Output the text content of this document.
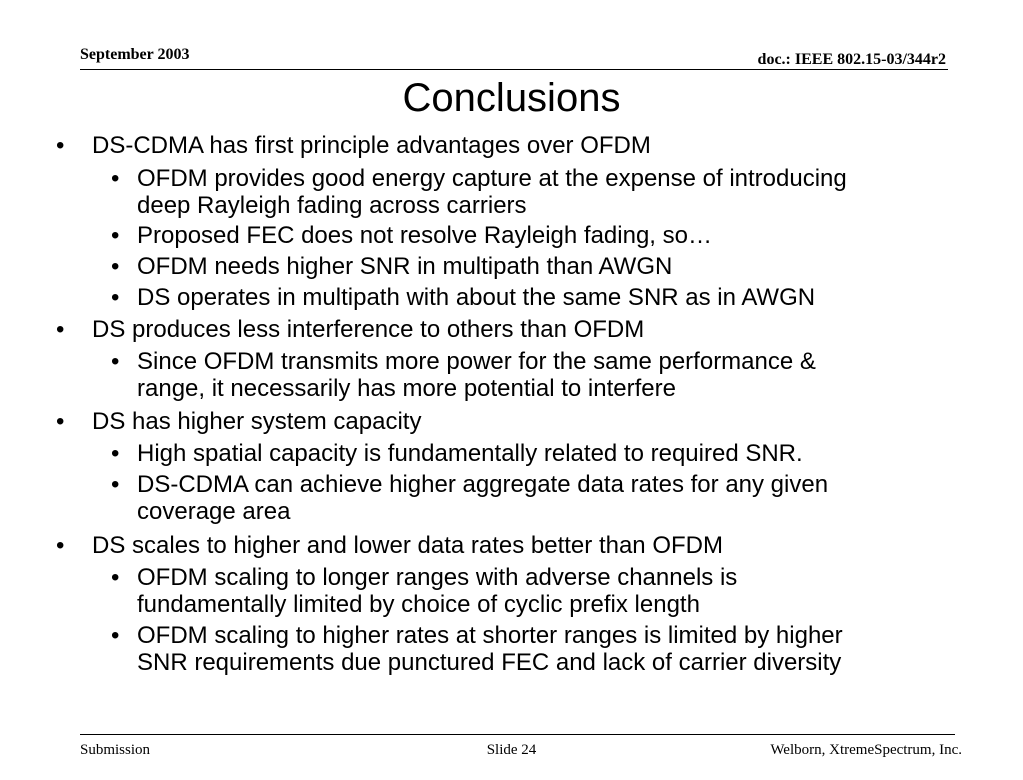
September 2003	doc.: IEEE 802.15-03/344r2
Conclusions
• DS-CDMA has first principle advantages over OFDM
• OFDM provides good energy capture at the expense of introducing
deep Rayleigh fading across carriers
• Proposed FEC does not resolve Rayleigh fading, so…
• OFDM needs higher SNR in multipath than AWGN
• DS operates in multipath with about the same SNR as in AWGN
• DS produces less interference to others than OFDM
• Since OFDM transmits more power for the same performance &
range, it necessarily has more potential to interfere
• DS has higher system capacity
• High spatial capacity is fundamentally related to required SNR.
• DS-CDMA can achieve higher aggregate data rates for any given
coverage area
• DS scales to higher and lower data rates better than OFDM
• OFDM scaling to longer ranges with adverse channels is
fundamentally limited by choice of cyclic prefix length
• OFDM scaling to higher rates at shorter ranges is limited by higher
SNR requirements due punctured FEC and lack of carrier diversity
Submission	Slide 24	Welborn, XtremeSpectrum, Inc.
